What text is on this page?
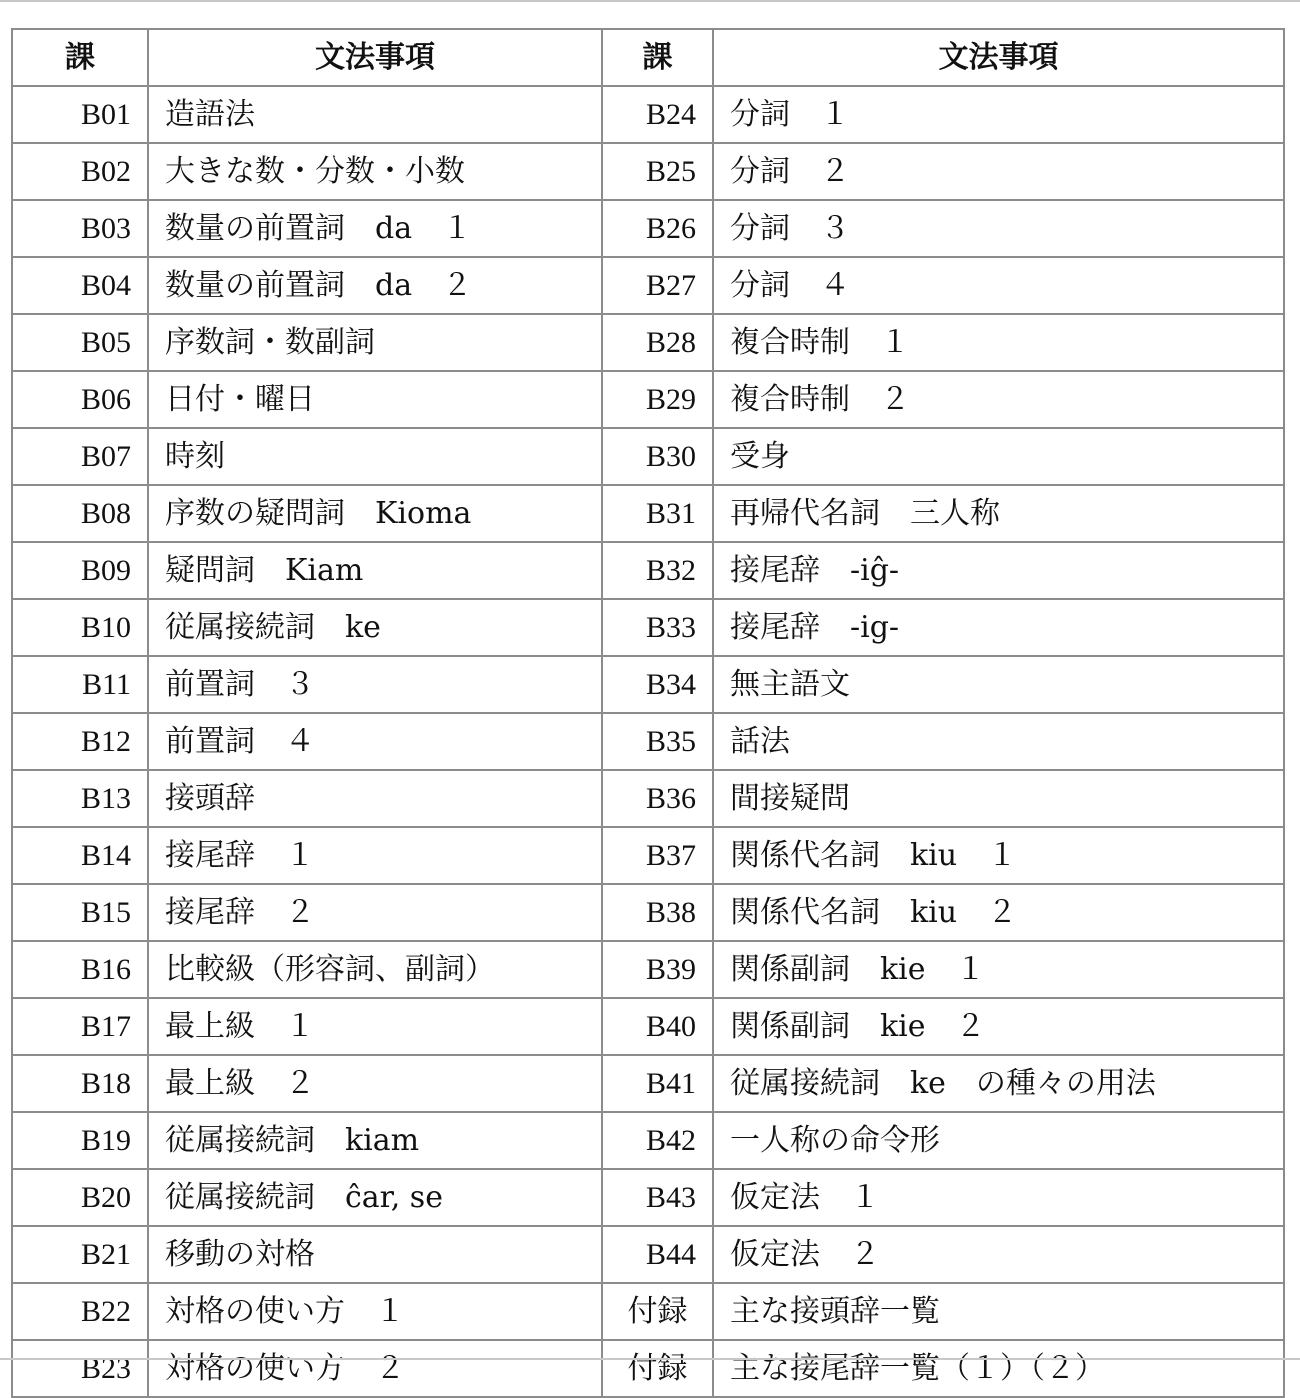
課	文法事項	課	文法事項
B01	造語法	B24	分詞　１
B02	大きな数・分数・小数	B25	分詞　２
B03	数量の前置詞　da　１	B26	分詞　３
B04	数量の前置詞　da　２	B27	分詞　４
B05	序数詞・数副詞	B28	複合時制　１
B06	日付・曜日	B29	複合時制　２
B07	時刻	B30	受身
B08	序数の疑問詞　Kioma	B31	再帰代名詞　三人称
B09	疑問詞　Kiam	B32	接尾辞　-iĝ-
B10	従属接続詞　ke	B33	接尾辞　-ig-
B11	前置詞　３	B34	無主語文
B12	前置詞　４	B35	話法
B13	接頭辞	B36	間接疑問
B14	接尾辞　１	B37	関係代名詞　kiu　１
B15	接尾辞　２	B38	関係代名詞　kiu　２
B16	比較級（形容詞、副詞）	B39	関係副詞　kie　１
B17	最上級　１	B40	関係副詞　kie　２
B18	最上級　２	B41	従属接続詞　ke　の種々の用法
B19	従属接続詞　kiam	B42	一人称の命令形
B20	従属接続詞　ĉar, se	B43	仮定法　１
B21	移動の対格	B44	仮定法　２
B22	対格の使い方　１	付録	主な接頭辞一覧
B23	対格の使い方　２	付録	主な接尾辞一覧（１）（２）
